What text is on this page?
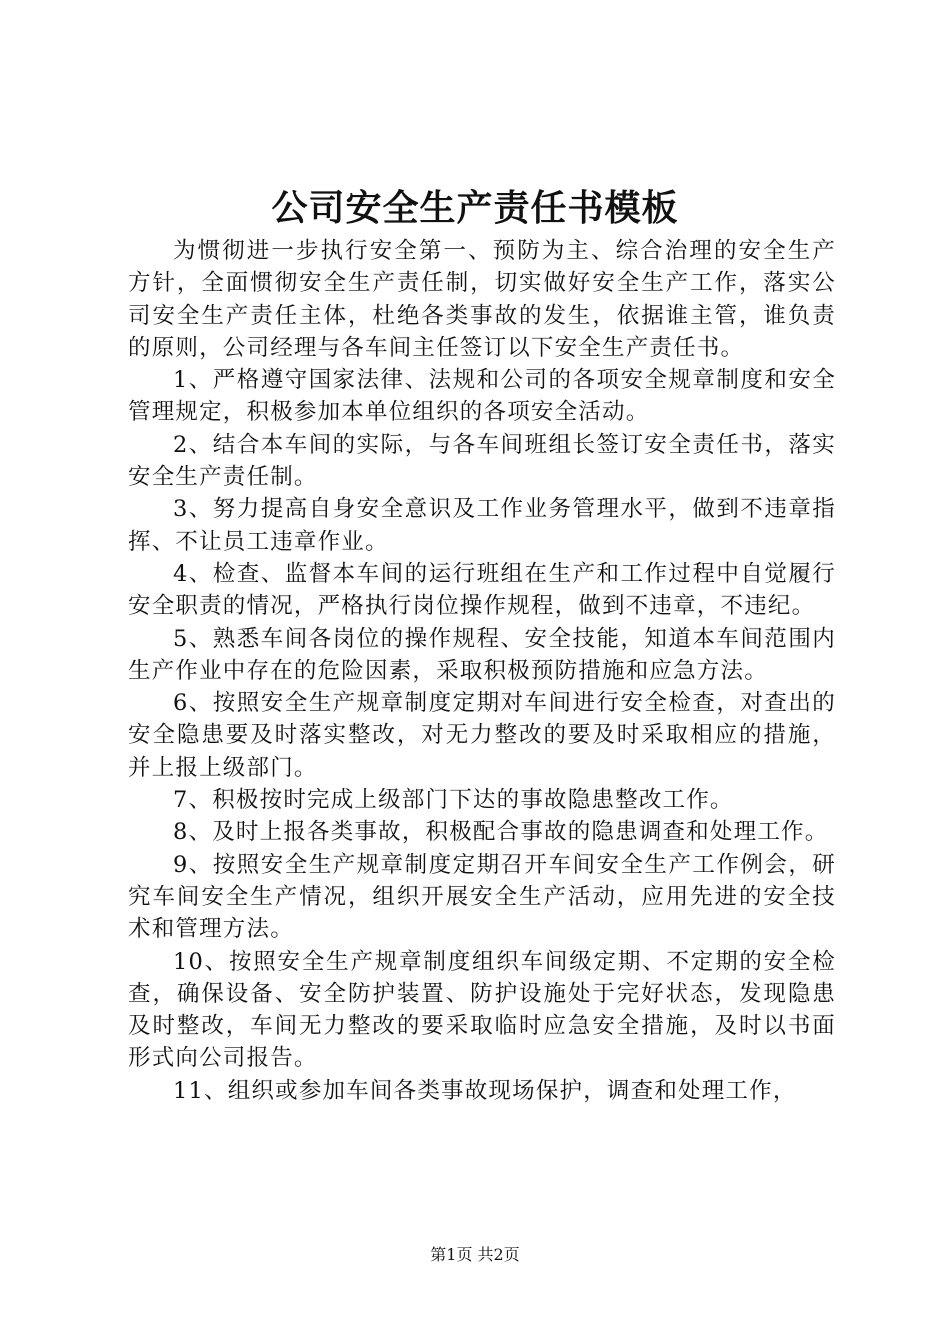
公司安全生产责任书模板

为惯彻进一步执行安全第一、预防为主、综合治理的安全生产方针，全面惯彻安全生产责任制，切实做好安全生产工作，落实公司安全生产责任主体，杜绝各类事故的发生，依据谁主管，谁负责的原则，公司经理与各车间主任签订以下安全生产责任书。

1、严格遵守国家法律、法规和公司的各项安全规章制度和安全管理规定，积极参加本单位组织的各项安全活动。

2、结合本车间的实际，与各车间班组长签订安全责任书，落实安全生产责任制。

3、努力提高自身安全意识及工作业务管理水平，做到不违章指挥、不让员工违章作业。

4、检查、监督本车间的运行班组在生产和工作过程中自觉履行安全职责的情况，严格执行岗位操作规程，做到不违章，不违纪。

5、熟悉车间各岗位的操作规程、安全技能，知道本车间范围内生产作业中存在的危险因素，采取积极预防措施和应急方法。

6、按照安全生产规章制度定期对车间进行安全检查，对查出的安全隐患要及时落实整改，对无力整改的要及时采取相应的措施，并上报上级部门。

7、积极按时完成上级部门下达的事故隐患整改工作。

8、及时上报各类事故，积极配合事故的隐患调查和处理工作。

9、按照安全生产规章制度定期召开车间安全生产工作例会，研究车间安全生产情况，组织开展安全生产活动，应用先进的安全技术和管理方法。

10、按照安全生产规章制度组织车间级定期、不定期的安全检查，确保设备、安全防护装置、防护设施处于完好状态，发现隐患及时整改，车间无力整改的要采取临时应急安全措施，及时以书面形式向公司报告。

11、组织或参加车间各类事故现场保护，调查和处理工作，

第1页 共2页
